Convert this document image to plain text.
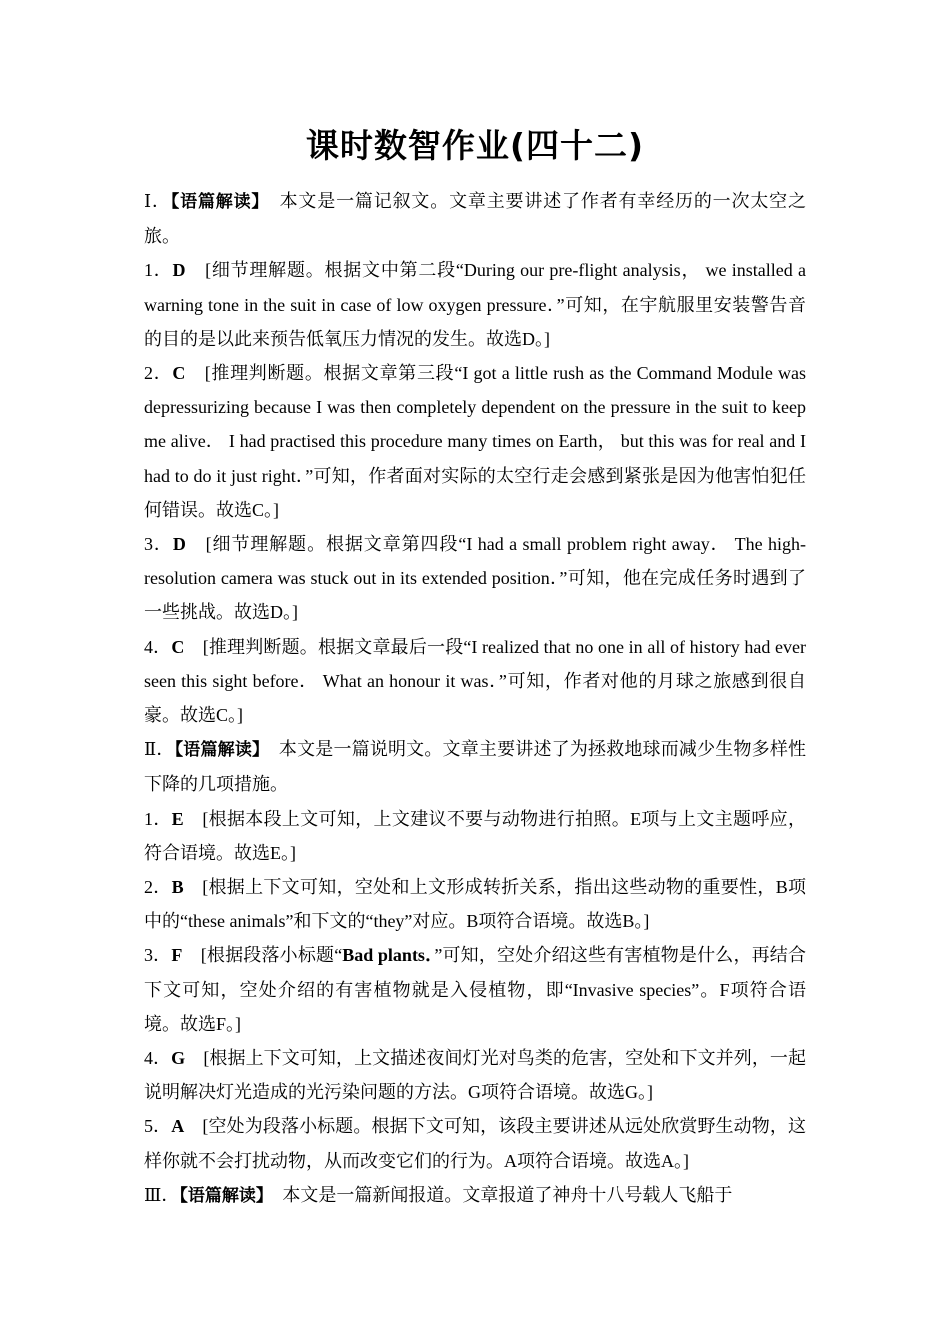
课时数智作业(四十二)

Ⅰ．【语篇解读】　本文是一篇记叙文。文章主要讲述了作者有幸经历的一次太空之旅。

1．D　[细节理解题。根据文中第二段“During our pre-flight analysis， we installed a warning tone in the suit in case of low oxygen pressure．”可知，在宇航服里安装警告音的目的是以此来预告低氧压力情况的发生。故选D。]

2．C　[推理判断题。根据文章第三段“I got a little rush as the Command Module was depressurizing because I was then completely dependent on the pressure in the suit to keep me alive． I had practised this procedure many times on Earth， but this was for real and I had to do it just right．”可知，作者面对实际的太空行走会感到紧张是因为他害怕犯任何错误。故选C。]

3．D　[细节理解题。根据文章第四段“I had a small problem right away． The high-resolution camera was stuck out in its extended position．”可知，他在完成任务时遇到了一些挑战。故选D。]

4．C　[推理判断题。根据文章最后一段“I realized that no one in all of history had ever seen this sight before． What an honour it was．”可知，作者对他的月球之旅感到很自豪。故选C。]

Ⅱ．【语篇解读】　本文是一篇说明文。文章主要讲述了为拯救地球而减少生物多样性下降的几项措施。

1．E　[根据本段上文可知，上文建议不要与动物进行拍照。E项与上文主题呼应，符合语境。故选E。]

2．B　[根据上下文可知，空处和上文形成转折关系，指出这些动物的重要性，B项中的“these animals”和下文的“they”对应。B项符合语境。故选B。]

3．F　[根据段落小标题“Bad plants．”可知，空处介绍这些有害植物是什么，再结合下文可知，空处介绍的有害植物就是入侵植物，即“Invasive species”。F项符合语境。故选F。]

4．G　[根据上下文可知，上文描述夜间灯光对鸟类的危害，空处和下文并列，一起说明解决灯光造成的光污染问题的方法。G项符合语境。故选G。]

5．A　[空处为段落小标题。根据下文可知，该段主要讲述从远处欣赏野生动物，这样你就不会打扰动物，从而改变它们的行为。A项符合语境。故选A。]

Ⅲ．【语篇解读】　本文是一篇新闻报道。文章报道了神舟十八号载人飞船于
